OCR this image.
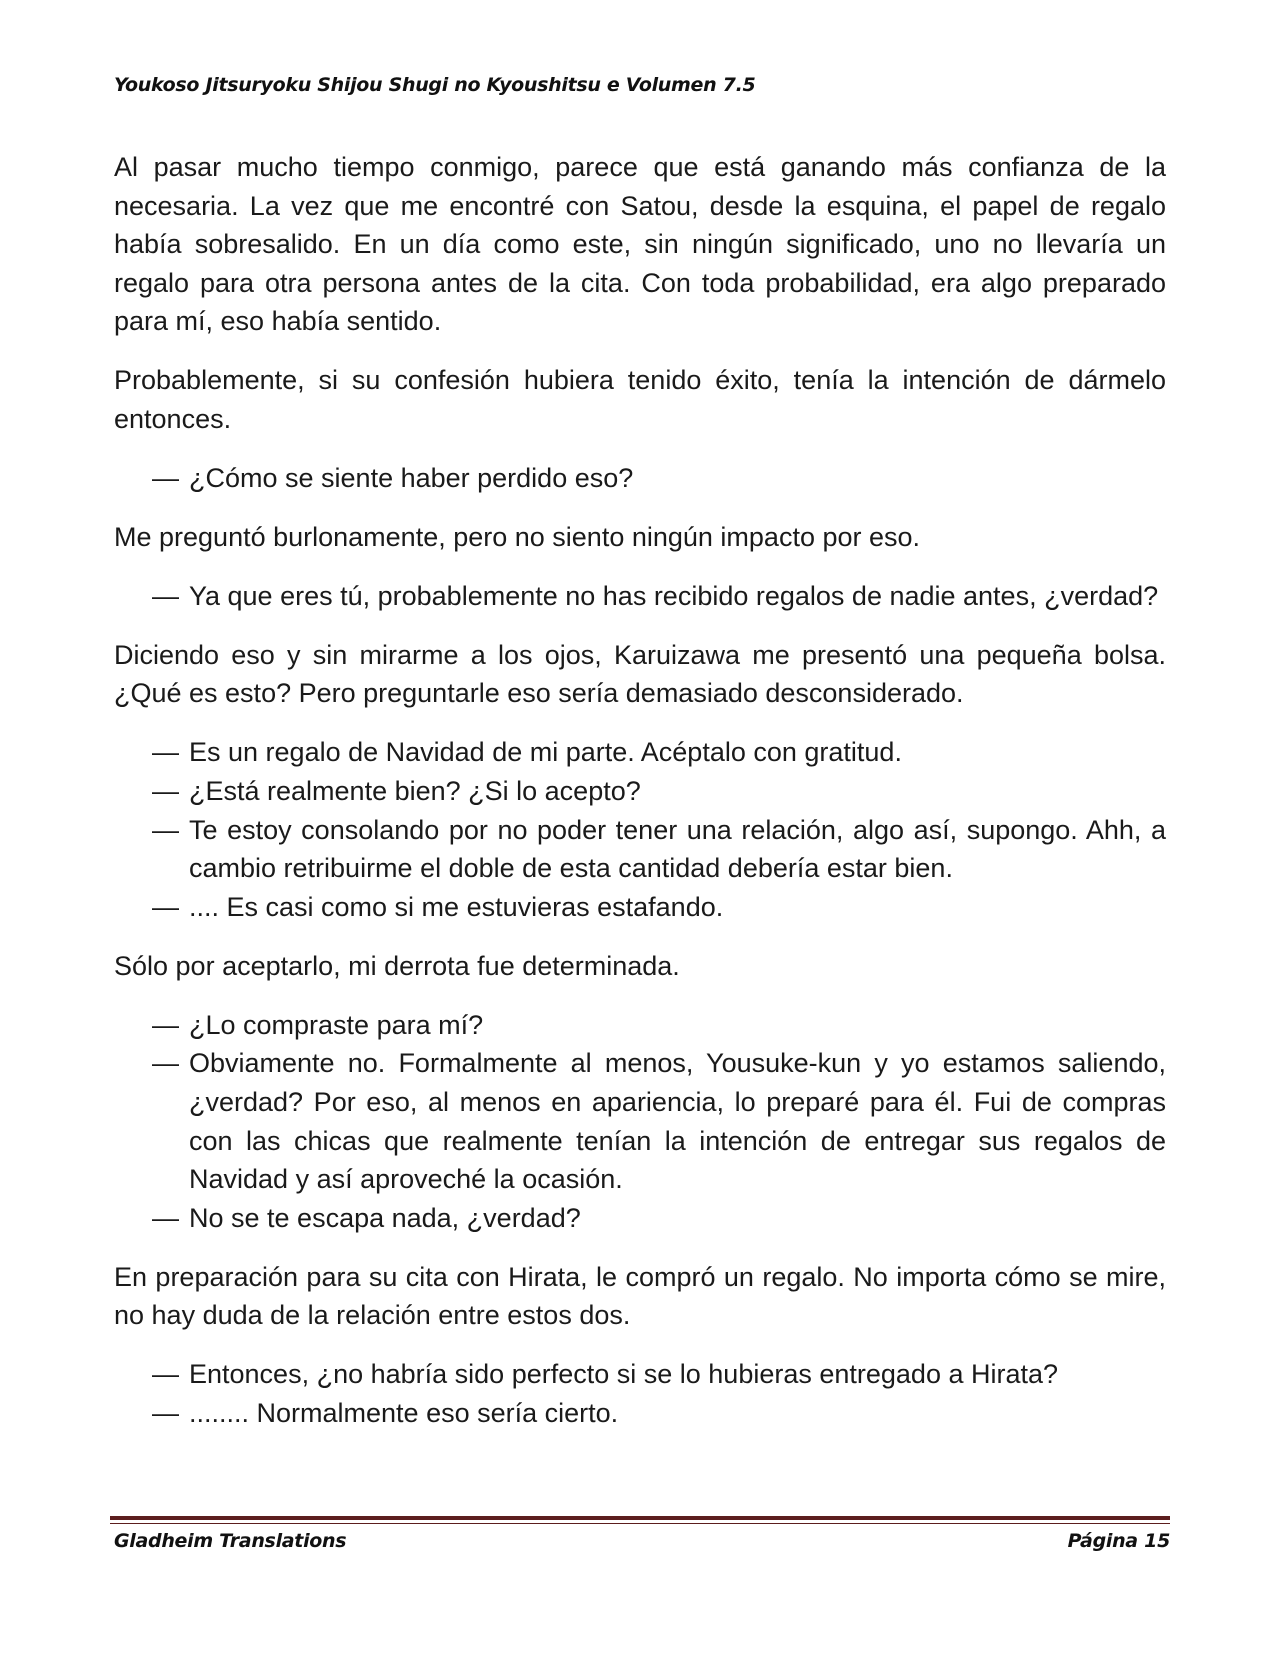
Youkoso Jitsuryoku Shijou Shugi no Kyoushitsu e Volumen 7.5

Al pasar mucho tiempo conmigo, parece que está ganando más confianza de la necesaria. La vez que me encontré con Satou, desde la esquina, el papel de regalo había sobresalido. En un día como este, sin ningún significado, uno no llevaría un regalo para otra persona antes de la cita. Con toda probabilidad, era algo preparado para mí, eso había sentido.

Probablemente, si su confesión hubiera tenido éxito, tenía la intención de dármelo entonces.

— ¿Cómo se siente haber perdido eso?

Me preguntó burlonamente, pero no siento ningún impacto por eso.

— Ya que eres tú, probablemente no has recibido regalos de nadie antes, ¿verdad?

Diciendo eso y sin mirarme a los ojos, Karuizawa me presentó una pequeña bolsa. ¿Qué es esto? Pero preguntarle eso sería demasiado desconsiderado.

— Es un regalo de Navidad de mi parte. Acéptalo con gratitud.
— ¿Está realmente bien? ¿Si lo acepto?
— Te estoy consolando por no poder tener una relación, algo así, supongo. Ahh, a cambio retribuirme el doble de esta cantidad debería estar bien.
— .... Es casi como si me estuvieras estafando.

Sólo por aceptarlo, mi derrota fue determinada.

— ¿Lo compraste para mí?
— Obviamente no. Formalmente al menos, Yousuke-kun y yo estamos saliendo, ¿verdad? Por eso, al menos en apariencia, lo preparé para él. Fui de compras con las chicas que realmente tenían la intención de entregar sus regalos de Navidad y así aproveché la ocasión.
— No se te escapa nada, ¿verdad?

En preparación para su cita con Hirata, le compró un regalo. No importa cómo se mire, no hay duda de la relación entre estos dos.

— Entonces, ¿no habría sido perfecto si se lo hubieras entregado a Hirata?
— ........ Normalmente eso sería cierto.
Gladheim Translations	Página 15
